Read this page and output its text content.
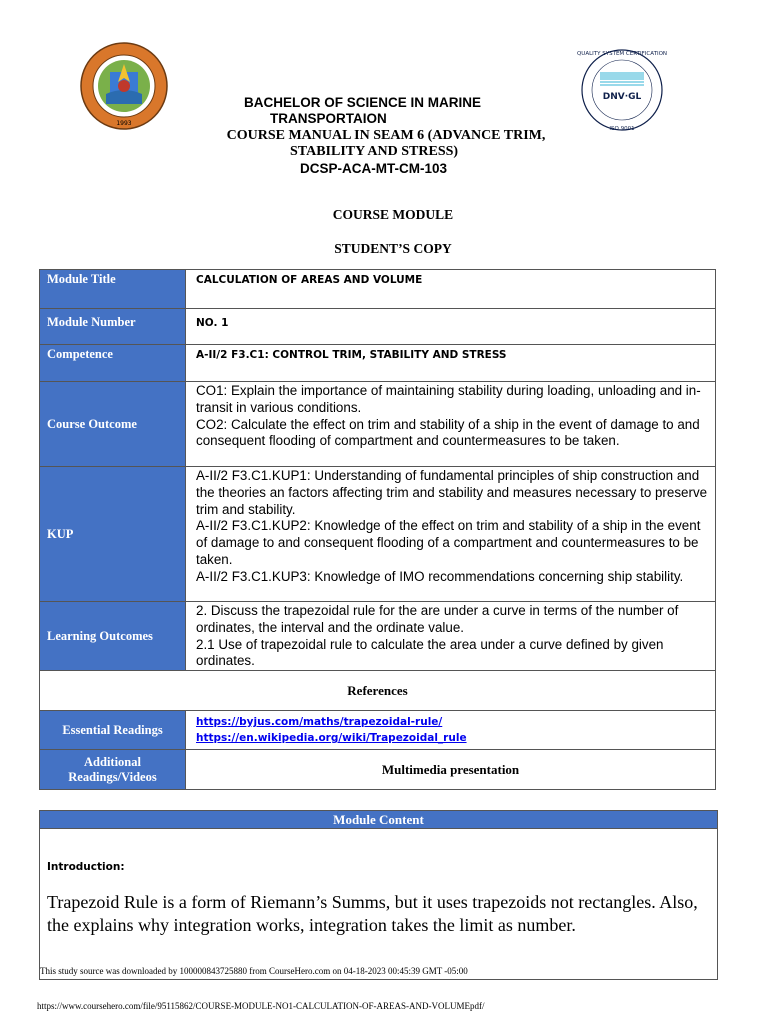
1993
DNV·GL
ISO 9001
QUALITY SYSTEM CERTIFICATION
BACHELOR OF SCIENCE IN MARINE
TRANSPORTAION
COURSE MANUAL IN SEAM 6 (ADVANCE TRIM,
STABILITY AND STRESS)
DCSP-ACA-MT-CM-103
COURSE MODULE
STUDENT’S COPY
Module Title	CALCULATION OF AREAS AND VOLUME

Module Number	NO. 1

Competence	A-II/2 F3.C1: CONTROL TRIM, STABILITY AND STRESS

Course Outcome	CO1: Explain the importance of maintaining stability during loading, unloading and in-transit in various conditions.

CO2: Calculate the effect on trim and stability of a ship in the event of damage to and consequent flooding of compartment and countermeasures to be taken.

KUP	A-II/2 F3.C1.KUP1: Understanding of fundamental principles of ship construction and the theories an factors affecting trim and stability and measures necessary to preserve trim and stability.

A-II/2 F3.C1.KUP2: Knowledge of the effect on trim and stability of a ship in the event of damage to and consequent flooding of a compartment and countermeasures to be taken.

A-II/2 F3.C1.KUP3: Knowledge of IMO recommendations concerning ship stability.

Learning Outcomes	2. Discuss the trapezoidal rule for the are under a curve in terms of the number of ordinates, the interval and the ordinate value.

2.1 Use of trapezoidal rule to calculate the area under a curve defined by given ordinates.

References	

Essential Readings	https://byjus.com/maths/trapezoidal-rule/
https://en.wikipedia.org/wiki/Trapezoidal_rule

Additional
Readings/Videos	Multimedia presentation
Module Content
Introduction:
Trapezoid Rule is a form of Riemann’s Summs, but it uses trapezoids not rectangles. Also, the explains why integration works, integration takes the limit as number.
This study source was downloaded by 100000843725880 from CourseHero.com on 04-18-2023 00:45:39 GMT -05:00
https://www.coursehero.com/file/95115862/COURSE-MODULE-NO1-CALCULATION-OF-AREAS-AND-VOLUMEpdf/
